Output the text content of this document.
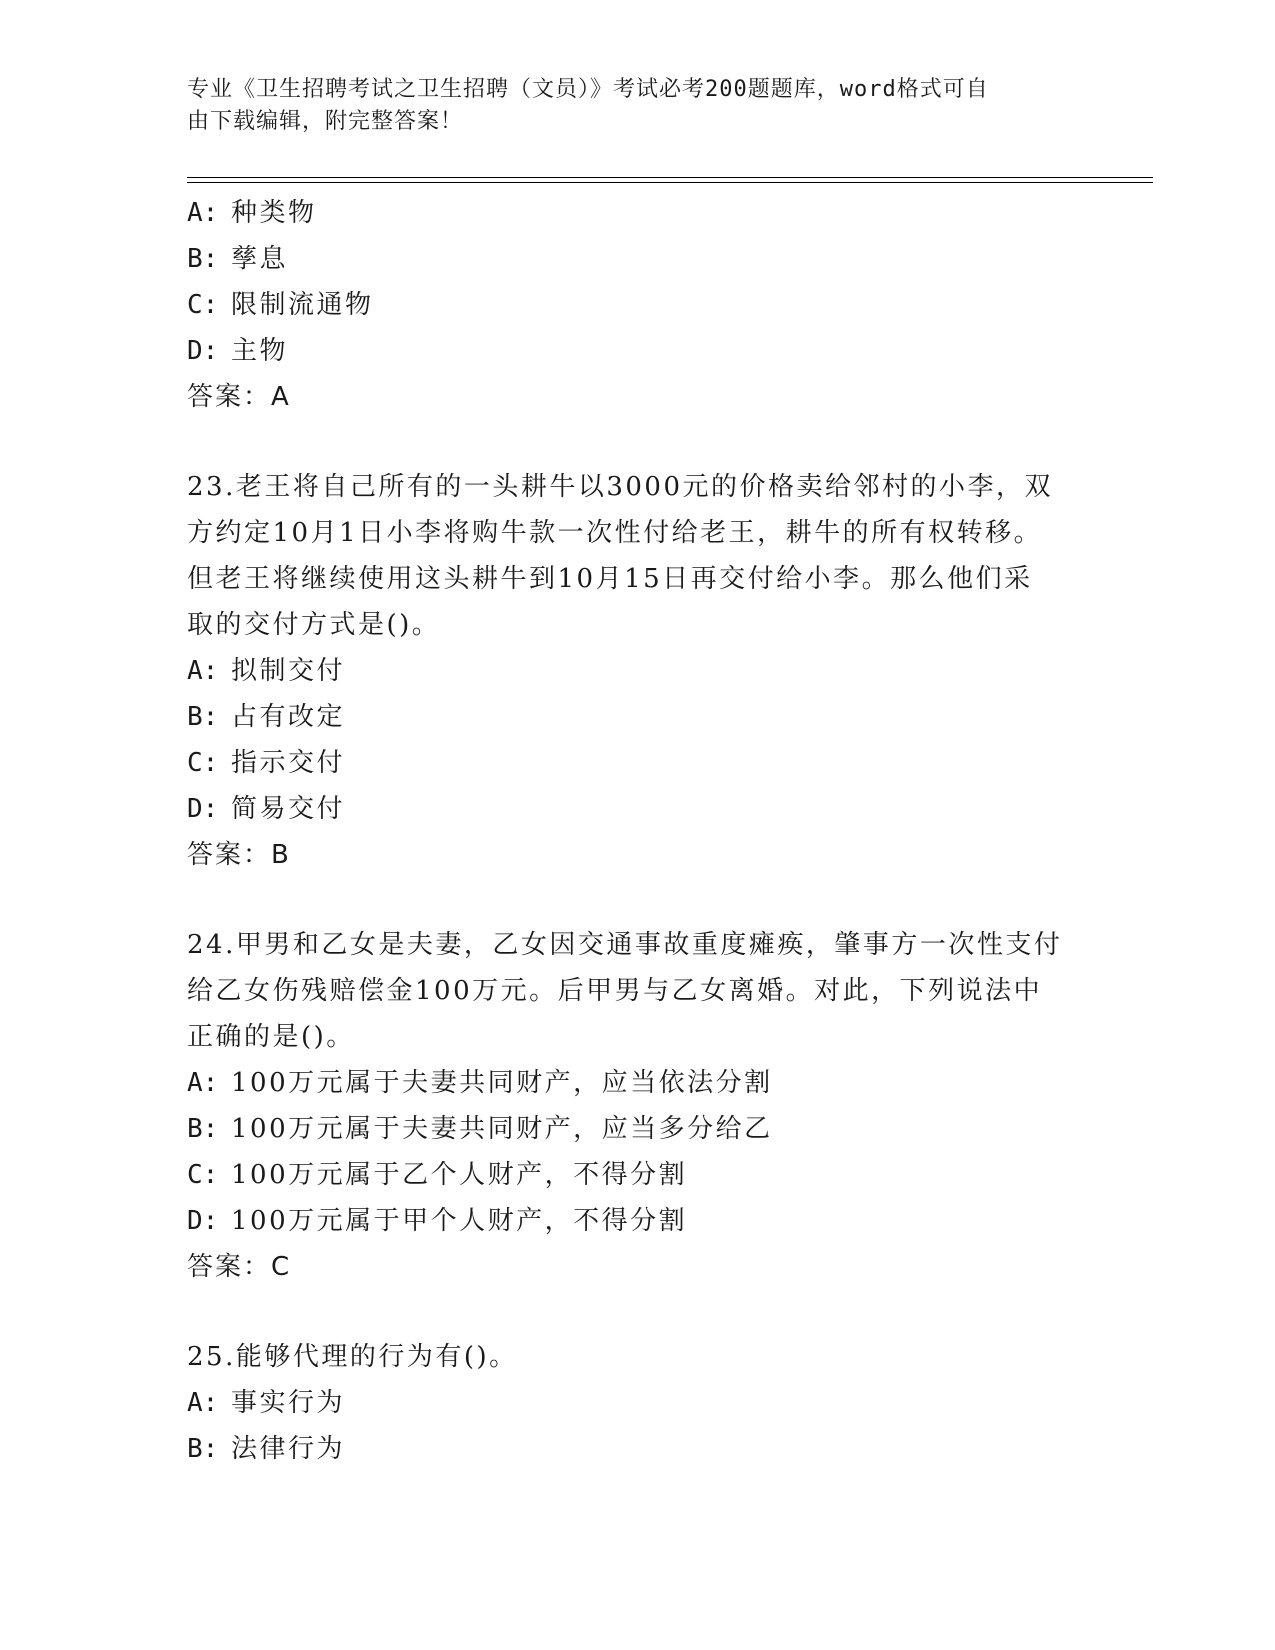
专业《卫生招聘考试之卫生招聘（文员）》考试必考200题题库，word格式可自
由下载编辑，附完整答案！
A: 种类物
B: 孳息
C: 限制流通物
D: 主物
答案：A
23.老王将自己所有的一头耕牛以3000元的价格卖给邻村的小李，双
方约定10月1日小李将购牛款一次性付给老王，耕牛的所有权转移。
但老王将继续使用这头耕牛到10月15日再交付给小李。那么他们采
取的交付方式是()。
A: 拟制交付
B: 占有改定
C: 指示交付
D: 简易交付
答案：B
24.甲男和乙女是夫妻，乙女因交通事故重度瘫痪，肇事方一次性支付
给乙女伤残赔偿金100万元。后甲男与乙女离婚。对此，下列说法中
正确的是()。
A: 100万元属于夫妻共同财产，应当依法分割
B: 100万元属于夫妻共同财产，应当多分给乙
C: 100万元属于乙个人财产，不得分割
D: 100万元属于甲个人财产，不得分割
答案：C
25.能够代理的行为有()。
A: 事实行为
B: 法律行为
